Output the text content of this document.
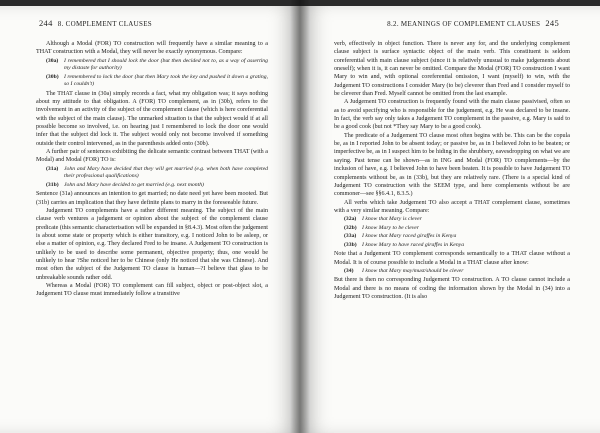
244 8. COMPLEMENT CLAUSES

Although a Modal (FOR) TO construction will frequently have a similar meaning to a THAT construction with a Modal, they will never be exactly synonymous. Compare:

(30a) I remembered that I should lock the door (but then decided not to, as a way of asserting my distaste for authority)
(30b) I remembered to lock the door (but then Mary took the key and pushed it down a grating, so I couldn't)

The THAT clause in (30a) simply records a fact, what my obligation was; it says nothing about my attitude to that obligation. A (FOR) TO complement, as in (30b), refers to the involvement in an activity of the subject of the complement clause (which is here coreferential with the subject of the main clause). The unmarked situation is that the subject would if at all possible become so involved, i.e. on hearing just I remembered to lock the door one would infer that the subject did lock it. The subject would only not become involved if something outside their control intervened, as in the parenthesis added onto (30b).

A further pair of sentences exhibiting the delicate semantic contrast between THAT (with a Modal) and Modal (FOR) TO is:

(31a) John and Mary have decided that they will get married (e.g. when both have completed their professional qualifications)
(31b) John and Mary have decided to get married (e.g. next month)

Sentence (31a) announces an intention to get married; no date need yet have been mooted. But (31b) carries an implication that they have definite plans to marry in the foreseeable future.

Judgement TO complements have a rather different meaning. The subject of the main clause verb ventures a judgement or opinion about the subject of the complement clause predicate (this semantic characterisation will be expanded in §8.4.3). Most often the judgement is about some state or property which is either transitory, e.g. I noticed John to be asleep, or else a matter of opinion, e.g. They declared Fred to be insane. A Judgement TO construction is unlikely to be used to describe some permanent, objective property; thus, one would be unlikely to hear ?She noticed her to be Chinese (only He noticed that she was Chinese). And most often the subject of the Judgement TO clause is human—?I believe that glass to be unbreakable sounds rather odd.

Whereas a Modal (FOR) TO complement can fill subject, object or post-object slot, a Judgement TO clause must immediately follow a transitive

8.2. MEANINGS OF COMPLEMENT CLAUSES 245

verb, effectively in object function. There is never any for, and the underlying complement clause subject is surface syntactic object of the main verb. This constituent is seldom coreferential with main clause subject (since it is relatively unusual to make judgements about oneself); when it is, it can never be omitted. Compare the Modal (FOR) TO construction I want Mary to win and, with optional coreferential omission, I want (myself) to win, with the Judgement TO constructions I consider Mary (to be) cleverer than Fred and I consider myself to be cleverer than Fred. Myself cannot be omitted from the last example.

A Judgement TO construction is frequently found with the main clause passivised, often so as to avoid specifying who is responsible for the judgement, e.g. He was declared to be insane. In fact, the verb say only takes a Judgement TO complement in the passive, e.g. Mary is said to be a good cook (but not *They say Mary to be a good cook).

The predicate of a Judgement TO clause most often begins with be. This can be the copula be, as in I reported John to be absent today; or passive be, as in I believed John to be beaten; or imperfective be, as in I suspect him to be hiding in the shrubbery, eavesdropping on what we are saying. Past tense can be shown—as in ING and Modal (FOR) TO complements—by the inclusion of have, e.g. I believed John to have been beaten. It is possible to have Judgement TO complements without be, as in (33b), but they are relatively rare. (There is a special kind of Judgement TO construction with the SEEM type, and here complements without be are commoner—see §§6.4.1, 8.3.5.)

All verbs which take Judgement TO also accept a THAT complement clause, sometimes with a very similar meaning. Compare:

(32a) I know that Mary is clever
(32b) I know Mary to be clever
(33a) I know that Mary raced giraffes in Kenya
(33b) I know Mary to have raced giraffes in Kenya

Note that a Judgement TO complement corresponds semantically to a THAT clause without a Modal. It is of course possible to include a Modal in a THAT clause after know:

(34)	I know that Mary may/must/should be clever

But there is then no corresponding Judgement TO construction. A TO clause cannot include a Modal and there is no means of coding the information shown by the Modal in (34) into a Judgement TO construction. (It is also
